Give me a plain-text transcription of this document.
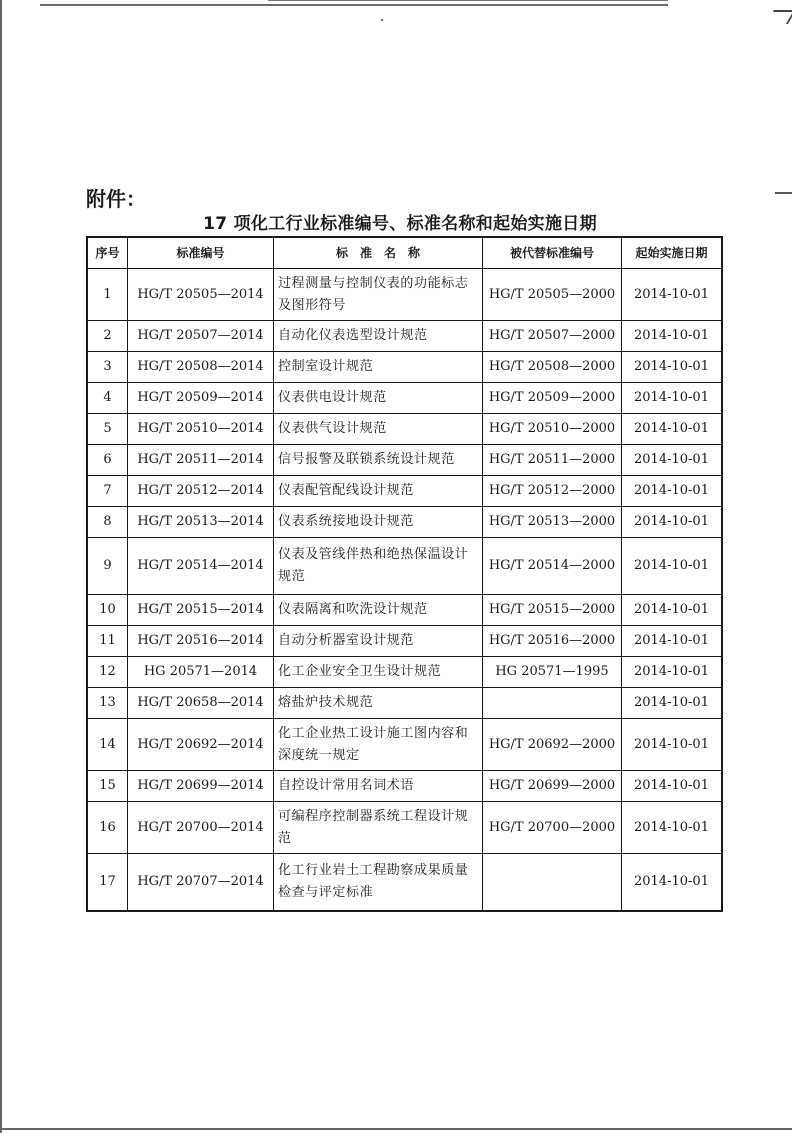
附件：
17 项化工行业标准编号、标准名称和起始实施日期
序号	标准编号	标　准　名　称	被代替标准编号	起始实施日期
1	HG/T 20505—2014	过程测量与控制仪表的功能标志及图形符号	HG/T 20505—2000	2014-10-01
2	HG/T 20507—2014	自动化仪表选型设计规范	HG/T 20507—2000	2014-10-01
3	HG/T 20508—2014	控制室设计规范	HG/T 20508—2000	2014-10-01
4	HG/T 20509—2014	仪表供电设计规范	HG/T 20509—2000	2014-10-01
5	HG/T 20510—2014	仪表供气设计规范	HG/T 20510—2000	2014-10-01
6	HG/T 20511—2014	信号报警及联锁系统设计规范	HG/T 20511—2000	2014-10-01
7	HG/T 20512—2014	仪表配管配线设计规范	HG/T 20512—2000	2014-10-01
8	HG/T 20513—2014	仪表系统接地设计规范	HG/T 20513—2000	2014-10-01
9	HG/T 20514—2014	仪表及管线伴热和绝热保温设计规范	HG/T 20514—2000	2014-10-01
10	HG/T 20515—2014	仪表隔离和吹洗设计规范	HG/T 20515—2000	2014-10-01
11	HG/T 20516—2014	自动分析器室设计规范	HG/T 20516—2000	2014-10-01
12	HG 20571—2014	化工企业安全卫生设计规范	HG 20571—1995	2014-10-01
13	HG/T 20658—2014	熔盐炉技术规范		2014-10-01
14	HG/T 20692—2014	化工企业热工设计施工图内容和深度统一规定	HG/T 20692—2000	2014-10-01
15	HG/T 20699—2014	自控设计常用名词术语	HG/T 20699—2000	2014-10-01
16	HG/T 20700—2014	可编程序控制器系统工程设计规范	HG/T 20700—2000	2014-10-01
17	HG/T 20707—2014	化工行业岩土工程勘察成果质量检查与评定标准		2014-10-01
